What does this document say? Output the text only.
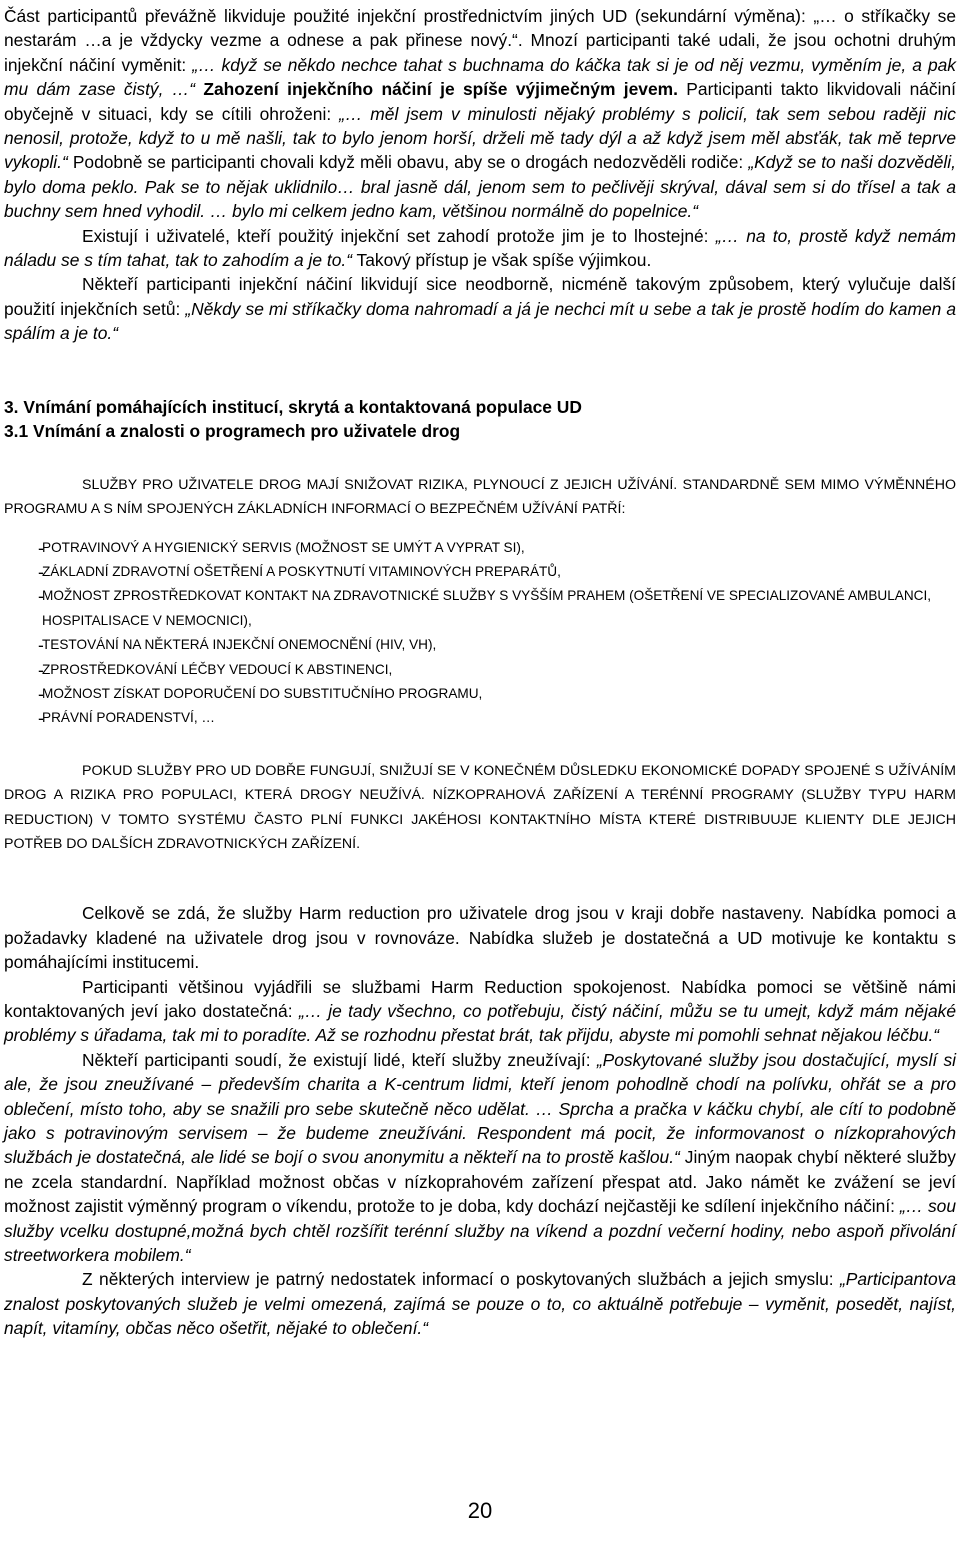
Část participantů převážně likviduje použité injekční prostřednictvím jiných UD (sekundární výměna): „… o stříkačky se nestarám …a je vždycky vezme a odnese a pak přinese nový.“. Mnozí participanti také udali, že jsou ochotni druhým injekční náčiní vyměnit: „… když se někdo nechce tahat s buchnama do káčka tak si je od něj vezmu, vyměním je, a pak mu dám zase čistý, …“ Zahození injekčního náčiní je spíše výjimečným jevem. Participanti takto likvidovali náčiní obyčejně v situaci, kdy se cítili ohroženi: „… měl jsem v minulosti nějaký problémy s policií, tak sem sebou raději nic nenosil, protože, když to u mě našli, tak to bylo jenom horší, drželi mě tady dýl a až když jsem měl absťák, tak mě teprve vykopli.“ Podobně se participanti chovali když měli obavu, aby se o drogách nedozvěděli rodiče: „Když se to naši dozvěděli, bylo doma peklo. Pak se to nějak uklidnilo… bral jasně dál, jenom sem to pečlivěji skrýval, dával sem si do třísel a tak a buchny sem hned vyhodil. … bylo mi celkem jedno kam, většinou normálně do popelnice.“

Existují i uživatelé, kteří použitý injekční set zahodí protože jim je to lhostejné: „… na to, prostě když nemám náladu se s tím tahat, tak to zahodím a je to.“ Takový přístup je však spíše výjimkou.

Někteří participanti injekční náčiní likvidují sice neodborně, nicméně takovým způsobem, který vylučuje další použití injekčních setů: „Někdy se mi stříkačky doma nahromadí a já je nechci mít u sebe a tak je prostě hodím do kamen a spálím a je to.“

3. Vnímání pomáhajících institucí, skrytá a kontaktovaná populace UD

3.1 Vnímání a znalosti o programech pro uživatele drog

SLUŽBY PRO UŽIVATELE DROG MAJÍ SNIŽOVAT RIZIKA, PLYNOUCÍ Z JEJICH UŽÍVÁNÍ. STANDARDNĚ SEM MIMO VÝMĚNNÉHO PROGRAMU A S NÍM SPOJENÝCH ZÁKLADNÍCH INFORMACÍ O BEZPEČNÉM UŽÍVÁNÍ PATŘÍ:

- POTRAVINOVÝ A HYGIENICKÝ SERVIS (MOŽNOST SE UMÝT A VYPRAT SI),
- ZÁKLADNÍ ZDRAVOTNÍ OŠETŘENÍ A POSKYTNUTÍ VITAMINOVÝCH PREPARÁTŮ,
- MOŽNOST ZPROSTŘEDKOVAT KONTAKT NA ZDRAVOTNICKÉ SLUŽBY S VYŠŠÍM PRAHEM (OŠETŘENÍ VE SPECIALIZOVANÉ AMBULANCI, HOSPITALISACE V NEMOCNICI),
- TESTOVÁNÍ NA NĚKTERÁ INJEKČNÍ ONEMOCNĚNÍ (HIV, VH),
- ZPROSTŘEDKOVÁNÍ LÉČBY VEDOUCÍ K ABSTINENCI,
- MOŽNOST ZÍSKAT DOPORUČENÍ DO SUBSTITUČNÍHO PROGRAMU,
- PRÁVNÍ PORADENSTVÍ, …

POKUD SLUŽBY PRO UD DOBŘE FUNGUJÍ, SNIŽUJÍ SE V KONEČNÉM DŮSLEDKU EKONOMICKÉ DOPADY SPOJENÉ S UŽÍVÁNÍM DROG A RIZIKA PRO POPULACI, KTERÁ DROGY NEUŽÍVÁ. NÍZKOPRAHOVÁ ZAŘÍZENÍ A TERÉNNÍ PROGRAMY (SLUŽBY TYPU HARM REDUCTION) V TOMTO SYSTÉMU ČASTO PLNÍ FUNKCI JAKÉHOSI KONTAKTNÍHO MÍSTA KTERÉ DISTRIBUUJE KLIENTY DLE JEJICH POTŘEB DO DALŠÍCH ZDRAVOTNICKÝCH ZAŘÍZENÍ.

Celkově se zdá, že služby Harm reduction pro uživatele drog jsou v kraji dobře nastaveny. Nabídka pomoci a požadavky kladené na uživatele drog jsou v rovnováze. Nabídka služeb je dostatečná a UD motivuje ke kontaktu s pomáhajícími institucemi.

Participanti většinou vyjádřili se službami Harm Reduction spokojenost. Nabídka pomoci se většině námi kontaktovaných jeví jako dostatečná: „… je tady všechno, co potřebuju, čistý náčiní, můžu se tu umejt, když mám nějaké problémy s úřadama, tak mi to poradíte. Až se rozhodnu přestat brát, tak přijdu, abyste mi pomohli sehnat nějakou léčbu.“

Někteří participanti soudí, že existují lidé, kteří služby zneužívají: „Poskytované služby jsou dostačující, myslí si ale, že jsou zneužívané – především charita a K-centrum lidmi, kteří jenom pohodlně chodí na polívku, ohřát se a pro oblečení, místo toho, aby se snažili pro sebe skutečně něco udělat. … Sprcha a pračka v káčku chybí, ale cítí to podobně jako s potravinovým servisem – že budeme zneužíváni. Respondent má pocit, že informovanost o nízkoprahových službách je dostatečná, ale lidé se bojí o svou anonymitu a někteří na to prostě kašlou.“ Jiným naopak chybí některé služby ne zcela standardní. Například možnost občas v nízkoprahovém zařízení přespat atd. Jako námět ke zvážení se jeví možnost zajistit výměnný program o víkendu, protože to je doba, kdy dochází nejčastěji ke sdílení injekčního náčiní: „… sou služby vcelku dostupné,možná bych chtěl rozšířit terénní služby na víkend a pozdní večerní hodiny, nebo aspoň přivolání streetworkera mobilem.“

Z některých interview je patrný nedostatek informací o poskytovaných službách a jejich smyslu: „Participantova znalost poskytovaných služeb je velmi omezená, zajímá se pouze o to, co aktuálně potřebuje – vyměnit, posedět, najíst, napít, vitamíny, občas něco ošetřit, nějaké to oblečení.“

20
